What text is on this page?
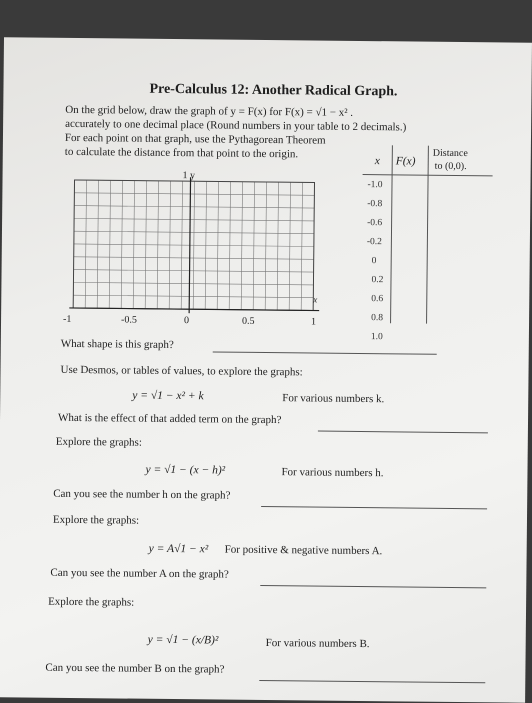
Pre-Calculus 12: Another Radical Graph.
On the grid below, draw the graph of y = F(x) for F(x) = √1 − x² .
accurately to one decimal place (Round numbers in your table to 2 decimals.)
For each point on that graph, use the Pythagorean Theorem
to calculate the distance from that point to the origin.
x F(x)
Distance
to (0,0).
-1.0
-0.8
-0.6
-0.2
0
0.2
0.6
0.8
1.0
1 y
x
-1	-0.5	0	0.5	1
What shape is this graph?
Use Desmos, or tables of values, to explore the graphs:
y = √1 − x² + k	For various numbers k.
What is the effect of that added term on the graph?
Explore the graphs:
y = √1 − (x − h)²	For various numbers h.
Can you see the number h on the graph?
Explore the graphs:
y = A√1 − x² For positive & negative numbers A.
Can you see the number A on the graph?
Explore the graphs:
y = √1 − (x/B)²	For various numbers B.
Can you see the number B on the graph?
